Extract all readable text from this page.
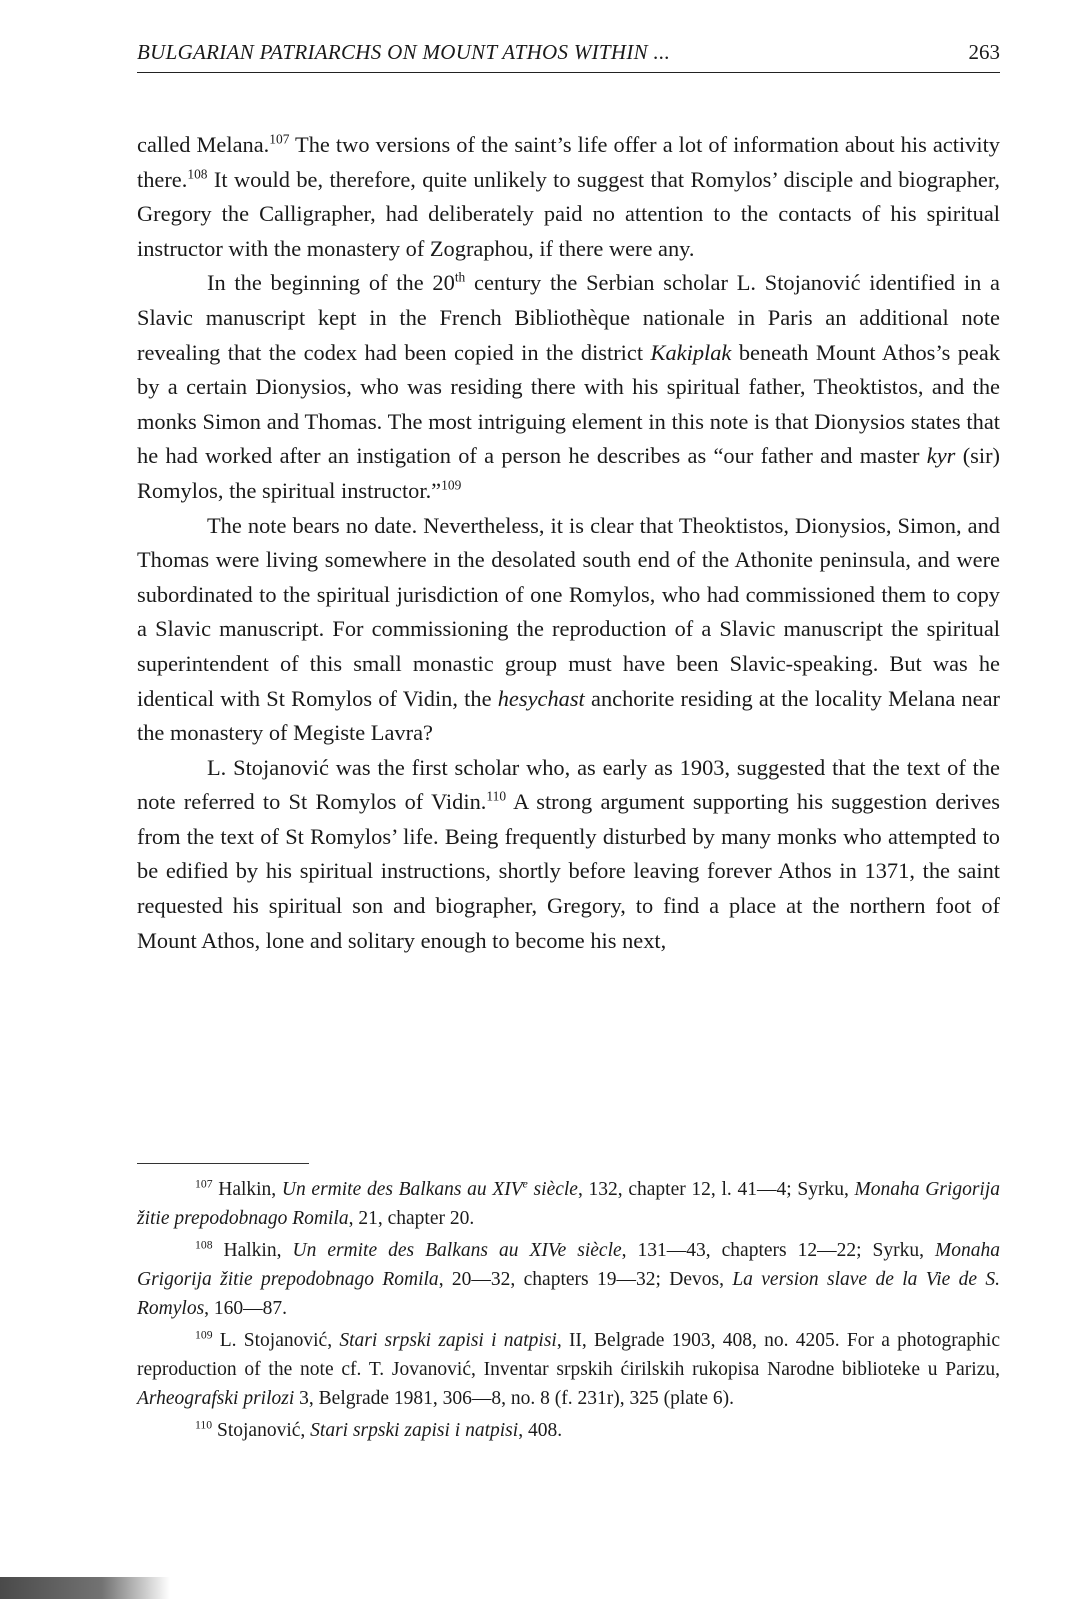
BULGARIAN PATRIARCHS ON MOUNT ATHOS WITHIN ...	263

called Melana.$^{107}$ The two versions of the saint’s life offer a lot of information about his activity there.$^{108}$ It would be, therefore, quite unlikely to suggest that Romylos’ disciple and biographer, Gregory the Calligrapher, had deliberately paid no attention to the contacts of his spiritual instructor with the monastery of Zographou, if there were any.

In the beginning of the 20th century the Serbian scholar L. Stojanović identified in a Slavic manuscript kept in the French Bibliothèque nationale in Paris an additional note revealing that the codex had been copied in the district Kakiplak beneath Mount Athos’s peak by a certain Dionysios, who was residing there with his spiritual father, Theoktistos, and the monks Simon and Thomas. The most intriguing element in this note is that Dionysios states that he had worked after an instigation of a person he describes as “our father and master kyr (sir) Romylos, the spiritual instructor.”$^{109}$

The note bears no date. Nevertheless, it is clear that Theoktistos, Dionysios, Simon, and Thomas were living somewhere in the desolated south end of the Athonite peninsula, and were subordinated to the spiritual jurisdiction of one Romylos, who had commissioned them to copy a Slavic manuscript. For commissioning the reproduction of a Slavic manuscript the spiritual superintendent of this small monastic group must have been Slavic-speaking. But was he identical with St Romylos of Vidin, the hesychast anchorite residing at the locality Melana near the monastery of Megiste Lavra?

L. Stojanović was the first scholar who, as early as 1903, suggested that the text of the note referred to St Romylos of Vidin.$^{110}$ A strong argument supporting his suggestion derives from the text of St Romylos’ life. Being frequently disturbed by many monks who attempted to be edified by his spiritual instructions, shortly before leaving forever Athos in 1371, the saint requested his spiritual son and biographer, Gregory, to find a place at the northern foot of Mount Athos, lone and solitary enough to become his next,

$^{107}$ Halkin, Un ermite des Balkans au XIVe siècle, 132, chapter 12, l. 41—4; Syrku, Monaha Grigorija žitie prepodobnago Romila, 21, chapter 20.

$^{108}$ Halkin, Un ermite des Balkans au XIVe siècle, 131—43, chapters 12—22; Syrku, Monaha Grigorija žitie prepodobnago Romila, 20—32, chapters 19—32; Devos, La version slave de la Vie de S. Romylos, 160—87.

$^{109}$ L. Stojanović, Stari srpski zapisi i natpisi, II, Belgrade 1903, 408, no. 4205. For a photographic reproduction of the note cf. T. Jovanović, Inventar srpskih ćirilskih rukopisa Narodne biblioteke u Parizu, Arheografski prilozi 3, Belgrade 1981, 306—8, no. 8 (f. 231r), 325 (plate 6).

$^{110}$ Stojanović, Stari srpski zapisi i natpisi, 408.
